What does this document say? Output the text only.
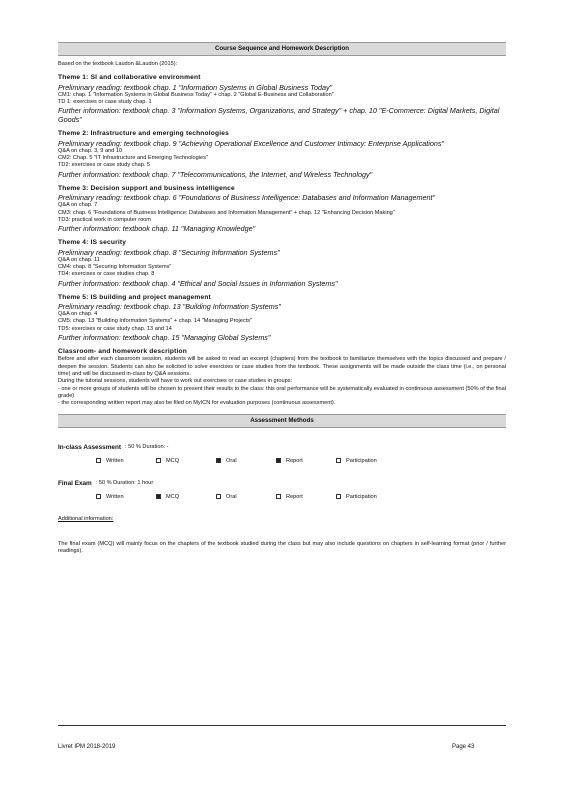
Course Sequence and Homework Description

Based on the textbook Laudon &Laudon (2015):

Theme 1: SI and collaborative environment

Preliminary reading: textbook chap. 1 "Information Systems in Global Business Today"

CM1: chap. 1 "Information Systems in Global Business Today" + chap. 2 "Global E-Business and Collaboration"

TD 1: exercises or case study chap. 1

Further information: textbook chap. 3 "Information Systems, Organizations, and Strategy" + chap. 10 "E-Commerce: Digital Markets, Digital Goods"

Theme 2: Infrastructure and emerging technologies

Preliminary reading: textbook chap. 9 "Achieving Operational Excellence and Customer Intimacy: Enterprise Applications"

Q&A on chap. 3, 9 and 10

CM2: Chap. 5 "IT Infrastructure and Emerging Technologies"

TD2: exercises or case study chap. 5

Further information: textbook chap. 7 "Telecommunications, the Internet, and Wireless Technology"

Theme 3: Decision support and business intelligence

Preliminary reading: textbook chap. 6 "Foundations of Business Intelligence: Databases and Information Management"

Q&A on chap. 7

CM3: chap. 6 "Foundations of Business Intelligence: Databases and Information Management" + chap. 12 "Enhancing Decision Making"

TD3: practical work in computer room

Further information: textbook chap. 11 "Managing Knowledge"

Theme 4: IS security

Preliminary reading: textbook chap. 8 "Securing Information Systems"

Q&A on chap. 11

CM4: chap. 8 "Securing Information Systems"

TD4: exercises or case studies chap. 8

Further information: textbook chap. 4 "Ethical and Social Issues in Information Systems"

Theme 5: IS building and project management

Preliminary reading: textbook chap. 13 "Building Information Systems"

Q&A on chap. 4

CM5: chap. 13 "Building Information Systems" + chap. 14 "Managing Projects"

TD5: exercises or case study chap. 13 and 14

Further information: textbook chap. 15 "Managing Global Systems"

Classroom- and homework description

Before and after each classroom session, students will be asked to read an excerpt (chapters) from the textbook to familiarize themselves with the topics discussed and prepare / deepen the session. Students can also be solicited to solve exercises or case studies from the textbook. These assignments will be made outside the class time (i.e., on personal time) and will be discussed in-class by Q&A sessions.

During the tutorial sessions, students will have to work out exercises or case studies in groups:

- one or more groups of students will be chosen to present their results to the class: this oral performance will be systematically evaluated in continuous assessment (50% of the final grade)

- the corresponding written report may also be filed on MyICN for evaluation purposes (continuous assessment).

Assessment Methods
In-class Assessment : 50 % Duration: -
Written	MCQ	Oral	Report	Participation
Final Exam : 50 % Duration: 1 hour
Written	MCQ	Oral	Report	Participation

Additional information:

The final exam (MCQ) will mainly focus on the chapters of the textbook studied during the class but may also include questions on chapters in self-learning format (prior / further readings).

Livret IPM 2018-2019	Page 43
